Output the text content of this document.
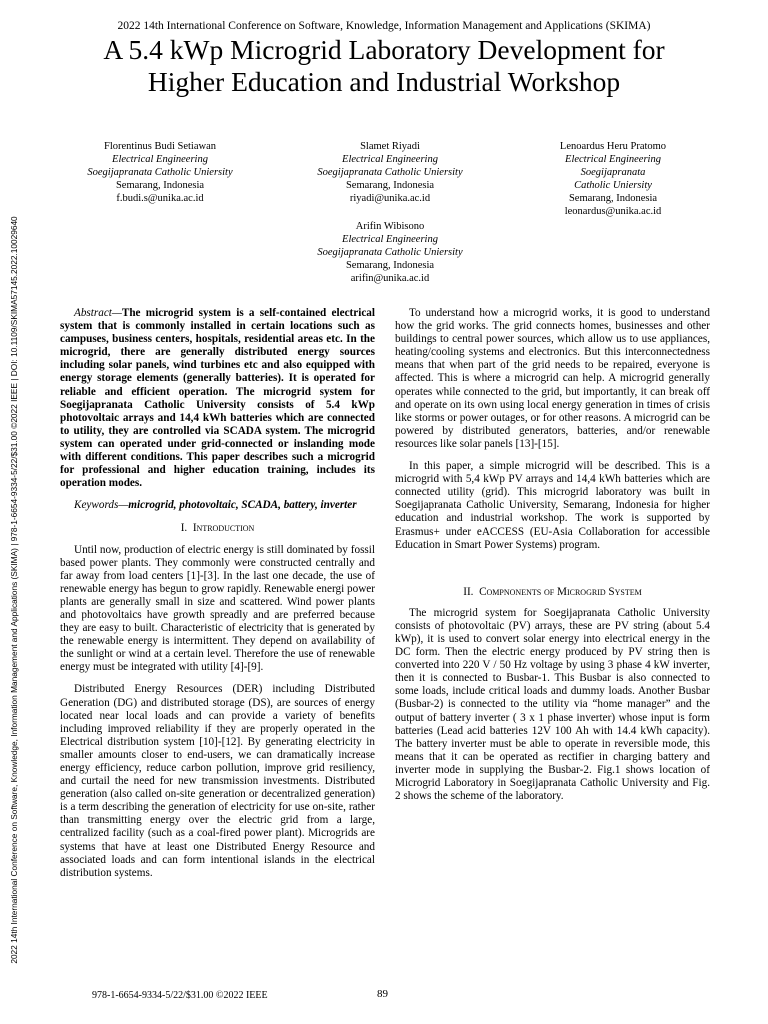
2022 14th International Conference on Software, Knowledge, Information Management and Applications (SKIMA)
A 5.4 kWp Microgrid Laboratory Development for
Higher Education and Industrial Workshop
Florentinus Budi Setiawan
Electrical Engineering
Soegijapranata Catholic Uniersity
Semarang, Indonesia
f.budi.s@unika.ac.id
Slamet Riyadi
Electrical Engineering
Soegijapranata Catholic Uniersity
Semarang, Indonesia
riyadi@unika.ac.id
Lenoardus Heru Pratomo
Electrical Engineering
Soegijapranata
Catholic Uniersity
Semarang, Indonesia
leonardus@unika.ac.id
Arifin Wibisono
Electrical Engineering
Soegijapranata Catholic Uniersity
Semarang, Indonesia
arifin@unika.ac.id
2022 14th International Conference on Software, Knowledge, Information Management and Applications (SKIMA) | 978-1-6654-9334-5/22/$31.00 ©2022 IEEE | DOI: 10.1109/SKIMA57145.2022.10029640	Abstract—The microgrid system is a self-contained electrical system that is commonly installed in certain locations such as campuses, business centers, hospitals, residential areas etc. In the microgrid, there are generally distributed energy sources including solar panels, wind turbines etc and also equipped with energy storage elements (generally batteries). It is operated for reliable and efficient operation. The microgrid system for Soegijapranata Catholic University consists of 5.4 kWp photovoltaic arrays and 14,4 kWh batteries which are connected to utility, they are controlled via SCADA system. The microgrid system can operated under grid-connected or inslanding mode with different conditions. This paper describes such a microgrid for professional and higher education training, includes its operation modes.

Keywords—microgrid, photovoltaic, SCADA, battery, inverter

I. Introduction

Until now, production of electric energy is still dominated by fossil based power plants. They commonly were constructed centrally and far away from load centers [1]-[3]. In the last one decade, the use of renewable energy has begun to grow rapidly. Renewable energi power plants are generally small in size and scattered. Wind power plants and photovoltaics have growth spreadly and are preferred because they are easy to built. Characteristic of electricity that is generated by the renewable energy is intermittent. They depend on availability of the sunlight or wind at a certain level. Therefore the use of renewable energy must be integrated with utility [4]-[9].

Distributed Energy Resources (DER) including Distributed Generation (DG) and distributed storage (DS), are sources of energy located near local loads and can provide a variety of benefits including improved reliability if they are properly operated in the Electrical distribution system [10]-[12]. By generating electricity in smaller amounts closer to end-users, we can dramatically increase energy efficiency, reduce carbon pollution, improve grid resiliency, and curtail the need for new transmission investments. Distributed generation (also called on-site generation or decentralized generation) is a term describing the generation of electricity for use on-site, rather than transmitting energy over the electric grid from a large, centralized facility (such as a coal-fired power plant). Microgrids are systems that have at least one Distributed Energy Resource and associated loads and can form intentional islands in the electrical distribution systems.

To understand how a microgrid works, it is good to understand how the grid works. The grid connects homes, businesses and other buildings to central power sources, which allow us to use appliances, heating/cooling systems and electronics. But this interconnectedness means that when part of the grid needs to be repaired, everyone is affected. This is where a microgrid can help. A microgrid generally operates while connected to the grid, but importantly, it can break off and operate on its own using local energy generation in times of crisis like storms or power outages, or for other reasons. A microgrid can be powered by distributed generators, batteries, and/or renewable resources like solar panels [13]-[15].

In this paper, a simple microgrid will be described. This is a microgrid with 5,4 kWp PV arrays and 14,4 kWh batteries which are connected utility (grid). This microgrid laboratory was built in Soegijapranata Catholic University, Semarang, Indonesia for higher education and industrial workshop. The work is supported by Erasmus+ under eACCESS (EU-Asia Collaboration for accessible Education in Smart Power Systems) program.

II. Compnonents of Microgrid System

The microgrid system for Soegijapranata Catholic University consists of photovoltaic (PV) arrays, these are PV string (about 5.4 kWp), it is used to convert solar energy into electrical energy in the DC form. Then the electric energy produced by PV string then is converted into 220 V / 50 Hz voltage by using 3 phase 4 kW inverter, then it is connected to Busbar-1. This Busbar is also connected to some loads, include critical loads and dummy loads. Another Busbar (Busbar-2) is connected to the utility via “home manager” and the output of battery inverter ( 3 x 1 phase inverter) whose input is form batteries (Lead acid batteries 12V 100 Ah with 14.4 kWh capacity). The battery inverter must be able to operate in reversible mode, this means that it can be operated as rectifier in charging battery and inverter mode in supplying the Busbar-2. Fig.1 shows location of Microgrid Laboratory in Soegijapranata Catholic University and Fig. 2 shows the scheme of the laboratory.

978-1-6654-9334-5/22/$31.00 ©2022 IEEE	89
